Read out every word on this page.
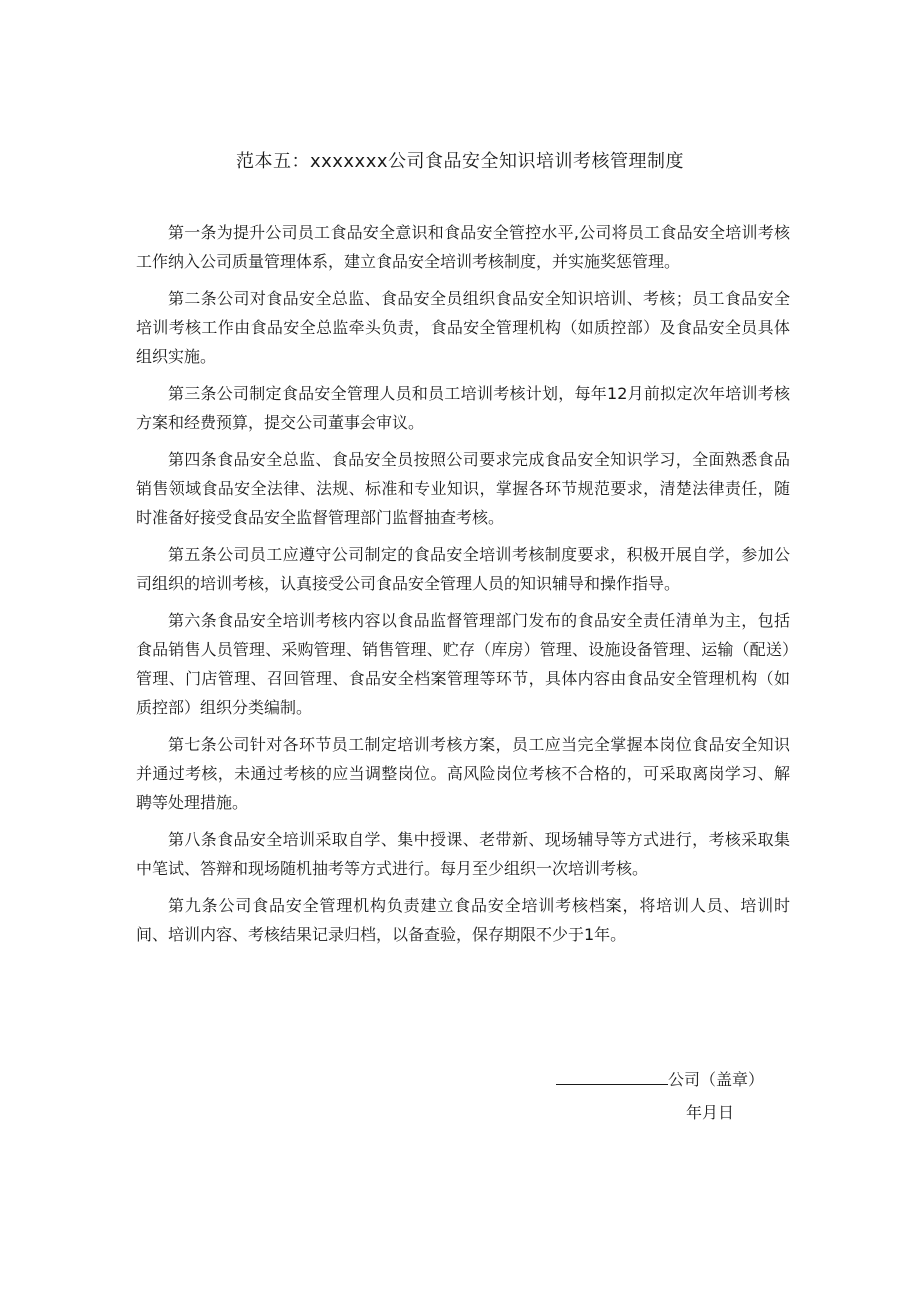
范本五：xxxxxxx公司食品安全知识培训考核管理制度

第一条为提升公司员工食品安全意识和食品安全管控水平,公司将员工食品安全培训考核工作纳入公司质量管理体系，建立食品安全培训考核制度，并实施奖惩管理。

第二条公司对食品安全总监、食品安全员组织食品安全知识培训、考核；员工食品安全培训考核工作由食品安全总监牵头负责，食品安全管理机构（如质控部）及食品安全员具体组织实施。

第三条公司制定食品安全管理人员和员工培训考核计划，每年12月前拟定次年培训考核方案和经费预算，提交公司董事会审议。

第四条食品安全总监、食品安全员按照公司要求完成食品安全知识学习，全面熟悉食品销售领域食品安全法律、法规、标准和专业知识，掌握各环节规范要求，清楚法律责任，随时准备好接受食品安全监督管理部门监督抽查考核。

第五条公司员工应遵守公司制定的食品安全培训考核制度要求，积极开展自学，参加公司组织的培训考核，认真接受公司食品安全管理人员的知识辅导和操作指导。

第六条食品安全培训考核内容以食品监督管理部门发布的食品安全责任清单为主，包括食品销售人员管理、采购管理、销售管理、贮存（库房）管理、设施设备管理、运输（配送）管理、门店管理、召回管理、食品安全档案管理等环节，具体内容由食品安全管理机构（如质控部）组织分类编制。

第七条公司针对各环节员工制定培训考核方案，员工应当完全掌握本岗位食品安全知识并通过考核，未通过考核的应当调整岗位。高风险岗位考核不合格的，可采取离岗学习、解聘等处理措施。

第八条食品安全培训采取自学、集中授课、老带新、现场辅导等方式进行，考核采取集中笔试、答辩和现场随机抽考等方式进行。每月至少组织一次培训考核。

第九条公司食品安全管理机构负责建立食品安全培训考核档案，将培训人员、培训时间、培训内容、考核结果记录归档，以备查验，保存期限不少于1年。

公司（盖章）
年月日
